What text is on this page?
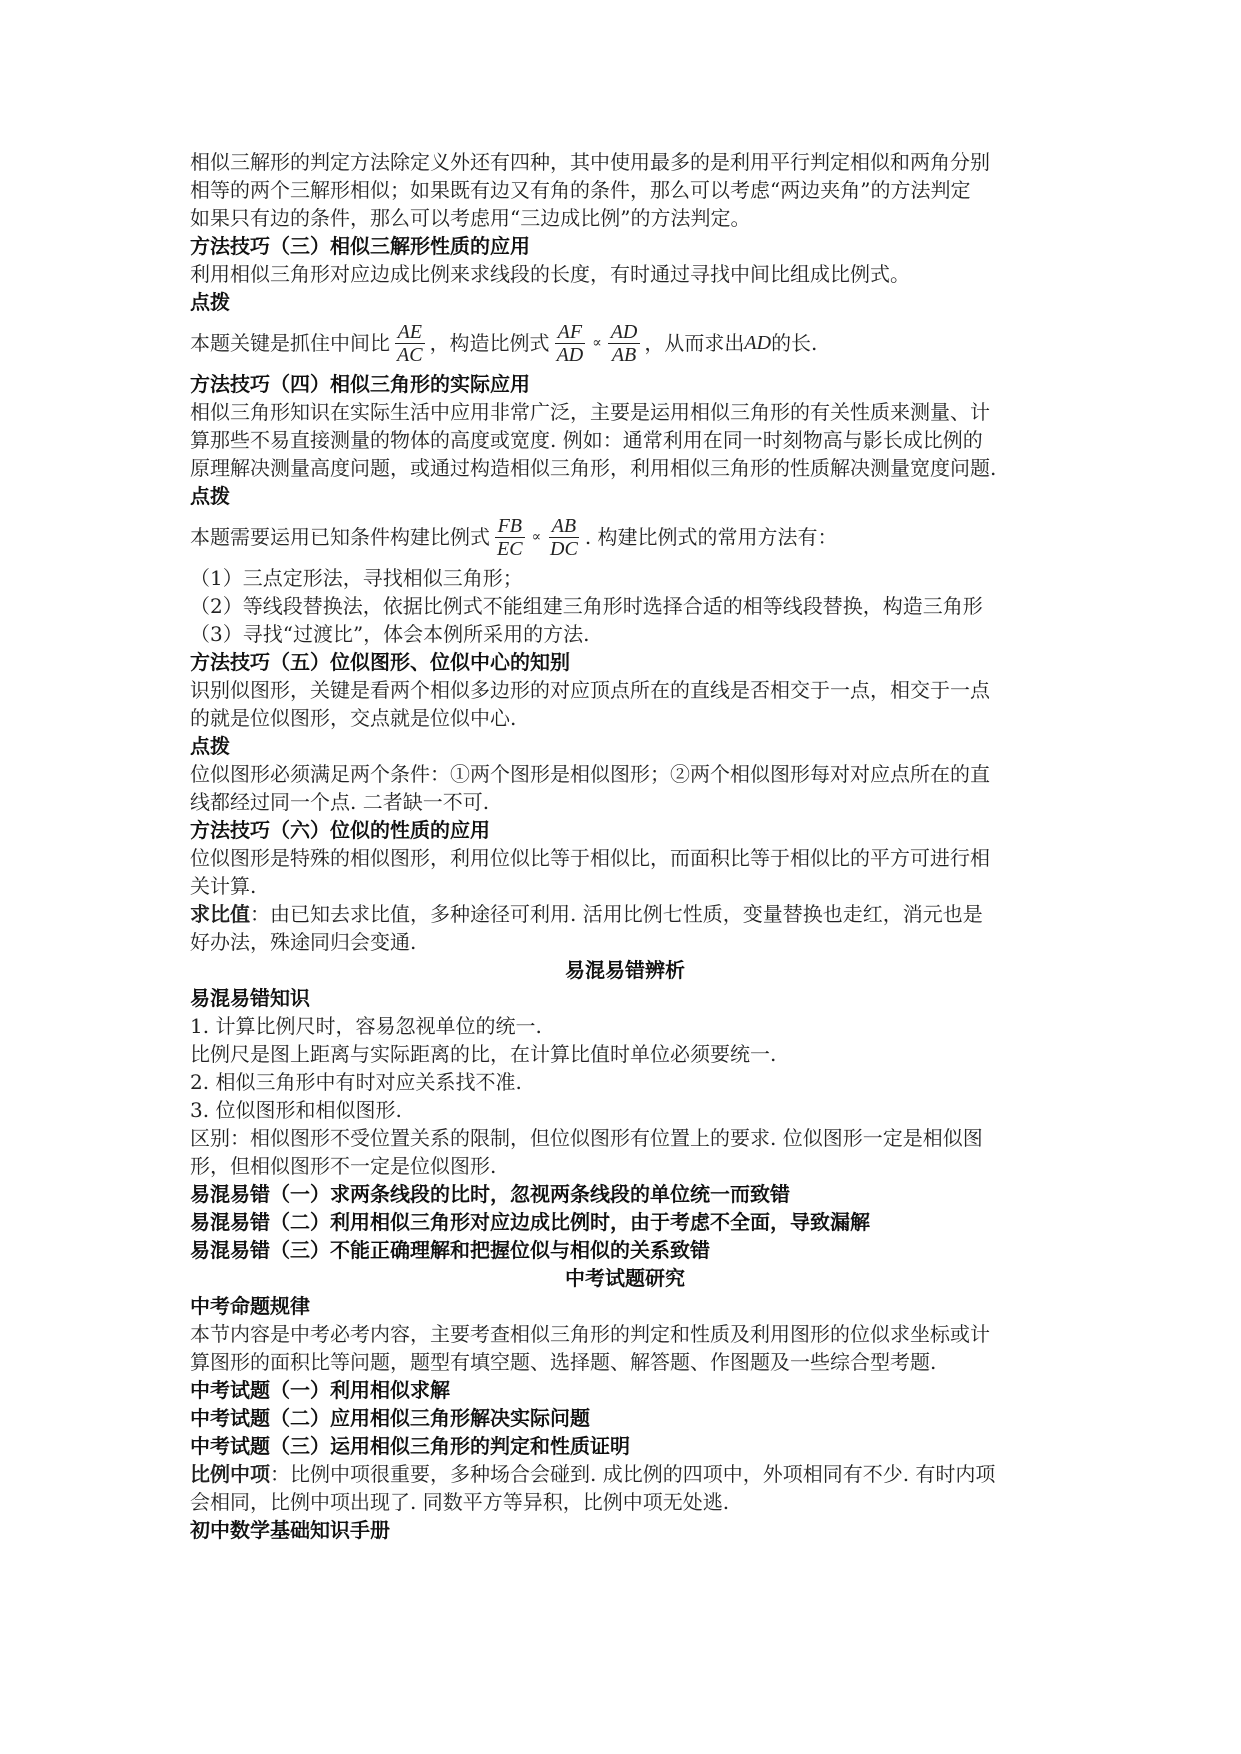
相似三解形的判定方法除定义外还有四种，其中使用最多的是利用平行判定相似和两角分别

相等的两个三解形相似；如果既有边又有角的条件，那么可以考虑“两边夹角”的方法判定

如果只有边的条件，那么可以考虑用“三边成比例”的方法判定。

方法技巧（三）相似三解形性质的应用

利用相似三角形对应边成比例来求线段的长度，有时通过寻找中间比组成比例式。

点拨

本题关键是抓住中间比 $\frac{AE}{AC}$ ，构造比例式 $\frac{AF}{AD} \propto \frac{AD}{AB}$ ，从而求出 AD 的长.

方法技巧（四）相似三角形的实际应用

相似三角形知识在实际生活中应用非常广泛，主要是运用相似三角形的有关性质来测量、计

算那些不易直接测量的物体的高度或宽度. 例如：通常利用在同一时刻物高与影长成比例的

原理解决测量高度问题，或通过构造相似三角形，利用相似三角形的性质解决测量宽度问题.

点拨

本题需要运用已知条件构建比例式 $\frac{FB}{EC} \propto \frac{AB}{DC}$ . 构建比例式的常用方法有：

（1）三点定形法，寻找相似三角形；

（2）等线段替换法，依据比例式不能组建三角形时选择合适的相等线段替换，构造三角形

（3）寻找“过渡比”，体会本例所采用的方法.

方法技巧（五）位似图形、位似中心的知别

识别似图形，关键是看两个相似多边形的对应顶点所在的直线是否相交于一点，相交于一点

的就是位似图形，交点就是位似中心.

点拨

位似图形必须满足两个条件：①两个图形是相似图形；②两个相似图形每对对应点所在的直

线都经过同一个点. 二者缺一不可.

方法技巧（六）位似的性质的应用

位似图形是特殊的相似图形，利用位似比等于相似比，而面积比等于相似比的平方可进行相

关计算.

求比值：由已知去求比值，多种途径可利用. 活用比例七性质，变量替换也走红，消元也是

好办法，殊途同归会变通.

易混易错辨析

易混易错知识

1. 计算比例尺时，容易忽视单位的统一.

比例尺是图上距离与实际距离的比，在计算比值时单位必须要统一.

2. 相似三角形中有时对应关系找不准.

3. 位似图形和相似图形.

区别：相似图形不受位置关系的限制，但位似图形有位置上的要求. 位似图形一定是相似图

形，但相似图形不一定是位似图形.

易混易错（一）求两条线段的比时，忽视两条线段的单位统一而致错

易混易错（二）利用相似三角形对应边成比例时，由于考虑不全面，导致漏解

易混易错（三）不能正确理解和把握位似与相似的关系致错

中考试题研究

中考命题规律

本节内容是中考必考内容，主要考查相似三角形的判定和性质及利用图形的位似求坐标或计

算图形的面积比等问题，题型有填空题、选择题、解答题、作图题及一些综合型考题.

中考试题（一）利用相似求解

中考试题（二）应用相似三角形解决实际问题

中考试题（三）运用相似三角形的判定和性质证明

比例中项：比例中项很重要，多种场合会碰到. 成比例的四项中，外项相同有不少. 有时内项

会相同，比例中项出现了. 同数平方等异积，比例中项无处逃.

初中数学基础知识手册
